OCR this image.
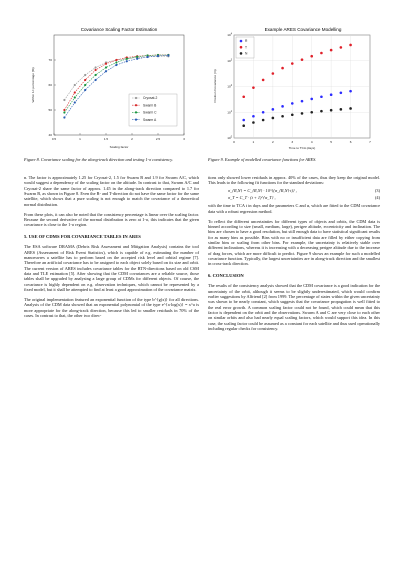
Covariance Scaling Factor Estimation
0.5	1	1.5	2	2.5	3
40
50
60
70
Cryosat-2
Swarm B
Swarm C
Swarm A
Scaling factor
Within 1σ percentage (%)
Figure 8. Covariance scaling for the along-track direction and testing 1-σ consistency.
Example ARES Covariance Modelling
0	1	2	3	4	5	6	7
$10^0$
$10^1$
$10^2$
$10^3$
$10^4$
R
T
N
Time to TCA (days)
Position Covariance (m)
Figure 9. Example of modelled covariance functions for ARES.

n. The factor is approximately 1.25 for Cryosat-2, 1.5 for Swarm B and 1.9 for Swarm A/C, which would suggest a dependency of the scaling factor on the altitude. In contrast to that, Swarm A/C and Cryosat-2 share the same factor of approx. 1.45 in the along-track direction compared to 1.7 for Swarm B, as shown in Figure 8. Even the R- and T-direction do not have the same factor for the same satellite, which shows that a pure scaling is not enough to match the covariance of a theoretical normal distribution.

From these plots, it can also be noted that the consistency percentage is linear over the scaling factor. Because the second derivative of the normal distribution is zero at 1-σ, this indicates that the given covariance is close to the 1-σ region.

5. USE OF CDMS FOR COVARIANCE TABLES IN ARES

The ESA software DRAMA (Debris Risk Assessment and Mitigation Analysis) contains the tool ARES (Assessment of Risk Event Statistics), which is capable of e.g. estimating the number of manoeuvres a satellite has to perform based on the accepted risk level and orbital regime [7]. Therefore an artificial covariance has to be assigned to each object solely based on its size and orbit. The current version of ARES includes covariance tables for the RTN-directions based on old CSM data and TLE estimation [5]. After showing that the CDM covariances are a reliable source, those tables shall be upgraded by analysing a large group of CDMs for different objects. Of course, the covariance is highly dependent on e.g. observation techniques, which cannot be represented by a fixed model, but it shall be attempted to find at least a good approximation of the covariance matrix.

The original implementation featured an exponential function of the type b^{g(x)} for all directions. Analysis of the CDM data showed that an exponential polynomial of the type e^{a·log(x)} = x^a is more appropriate for the along-track direction, because this led to smaller residuals in 70% of the cases. In contrast to that, the other two direc-

tions only showed lower residuals in approx. 40% of the cases, thus they keep the original model. This leads to the following fit functions for the standard deviations:

σ_{R,N} = C_{R,N} · 10^{(α_{R,N}·t)} ,	(3)
σ_T = C_T · (t + 1)^{α_T} ,	(4)

with the time to TCA t in days and the parameters C and α, which are fitted to the CDM covariance data with a robust regression method.

To reflect the different uncertainties for different types of objects and orbits, the CDM data is binned according to size (small, medium, large), perigee altitude, eccentricity and inclination. The bins are chosen to have a good resolution, but still enough data to have statistical significant results for as many bins as possible. Bins with no or insufficient data are filled by either copying from similar bins or scaling from other bins. For example, the uncertainty is relatively stable over different inclinations, whereas it is increasing with a decreasing perigee altitude due to the increase of drag forces, which are more difficult to predict. Figure 9 shows an example for such a modelled covariance function. Typically, the largest uncertainties are in along-track direction and the smallest in cross-track direction.

6. CONCLUSION

The results of the consistency analysis showed that the CDM covariance is a good indication for the uncertainty of the orbit, although it seems to be slightly underestimated, which would confirm earlier suggestions by Alfriend [2] from 1999. The percentage of states within the given uncertainty was shown to be nearly constant, which suggests that the covariance propagation is well fitted to the real error growth. A common scaling factor could not be found, which could mean that this factor is dependent on the orbit and the observations. Swarm A and C are very close to each other on similar orbits and also had nearly equal scaling factors, which would support this idea. In this case, the scaling factor could be assumed as a constant for each satellite and thus used operationally including regular checks for consistency.
